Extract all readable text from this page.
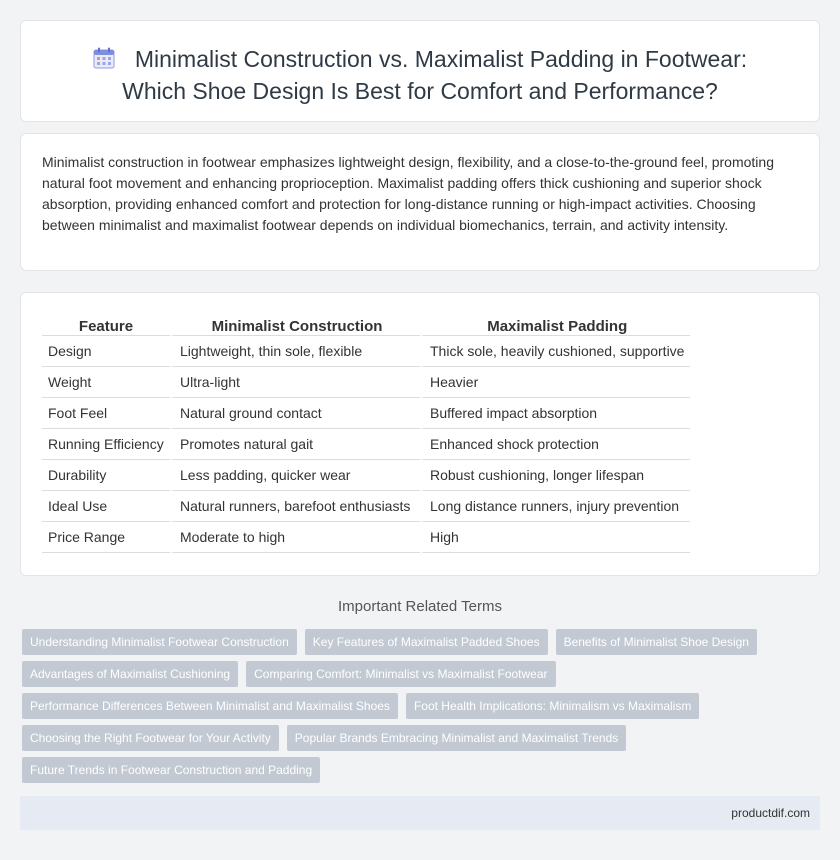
Minimalist Construction vs. Maximalist Padding in Footwear:
Which Shoe Design Is Best for Comfort and Performance?

Minimalist construction in footwear emphasizes lightweight design, flexibility, and a close-to-the-ground feel, promoting natural foot movement and enhancing proprioception. Maximalist padding offers thick cushioning and superior shock absorption, providing enhanced comfort and protection for long-distance running or high-impact activities. Choosing between minimalist and maximalist footwear depends on individual biomechanics, terrain, and activity intensity.

Feature	Minimalist Construction	Maximalist Padding
Design	Lightweight, thin sole, flexible	Thick sole, heavily cushioned, supportive
Weight	Ultra-light	Heavier
Foot Feel	Natural ground contact	Buffered impact absorption
Running Efficiency	Promotes natural gait	Enhanced shock protection
Durability	Less padding, quicker wear	Robust cushioning, longer lifespan
Ideal Use	Natural runners, barefoot enthusiasts	Long distance runners, injury prevention
Price Range	Moderate to high	High
Important Related Terms
Understanding Minimalist Footwear Construction Key Features of Maximalist Padded Shoes Benefits of Minimalist Shoe Design
Advantages of Maximalist Cushioning Comparing Comfort: Minimalist vs Maximalist Footwear
Performance Differences Between Minimalist and Maximalist Shoes Foot Health Implications: Minimalism vs Maximalism
Choosing the Right Footwear for Your Activity Popular Brands Embracing Minimalist and Maximalist Trends
Future Trends in Footwear Construction and Padding
productdif.com
